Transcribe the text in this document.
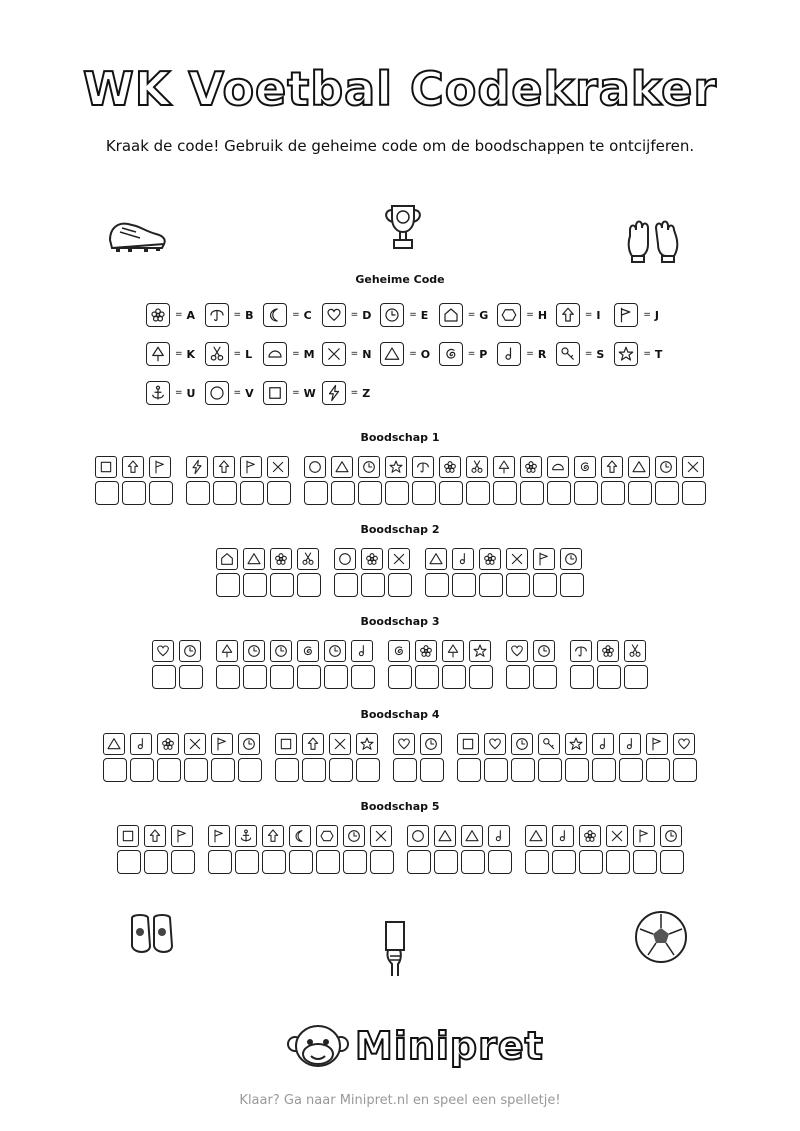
WK Voetbal Codekraker
Kraak de code! Gebruik de geheime code om de boodschappen te ontcijferen.
Geheime Code
= A	= B	= C	= D	= E	= G	= H	= I	= J
= K	= L	= M	= N	= O	= P	= R	= S	= T
= U	= V	= W	= Z
Boodschap 1
Boodschap 2
Boodschap 3
Boodschap 4
Boodschap 5
Minipret
Klaar? Ga naar Minipret.nl en speel een spelletje!
